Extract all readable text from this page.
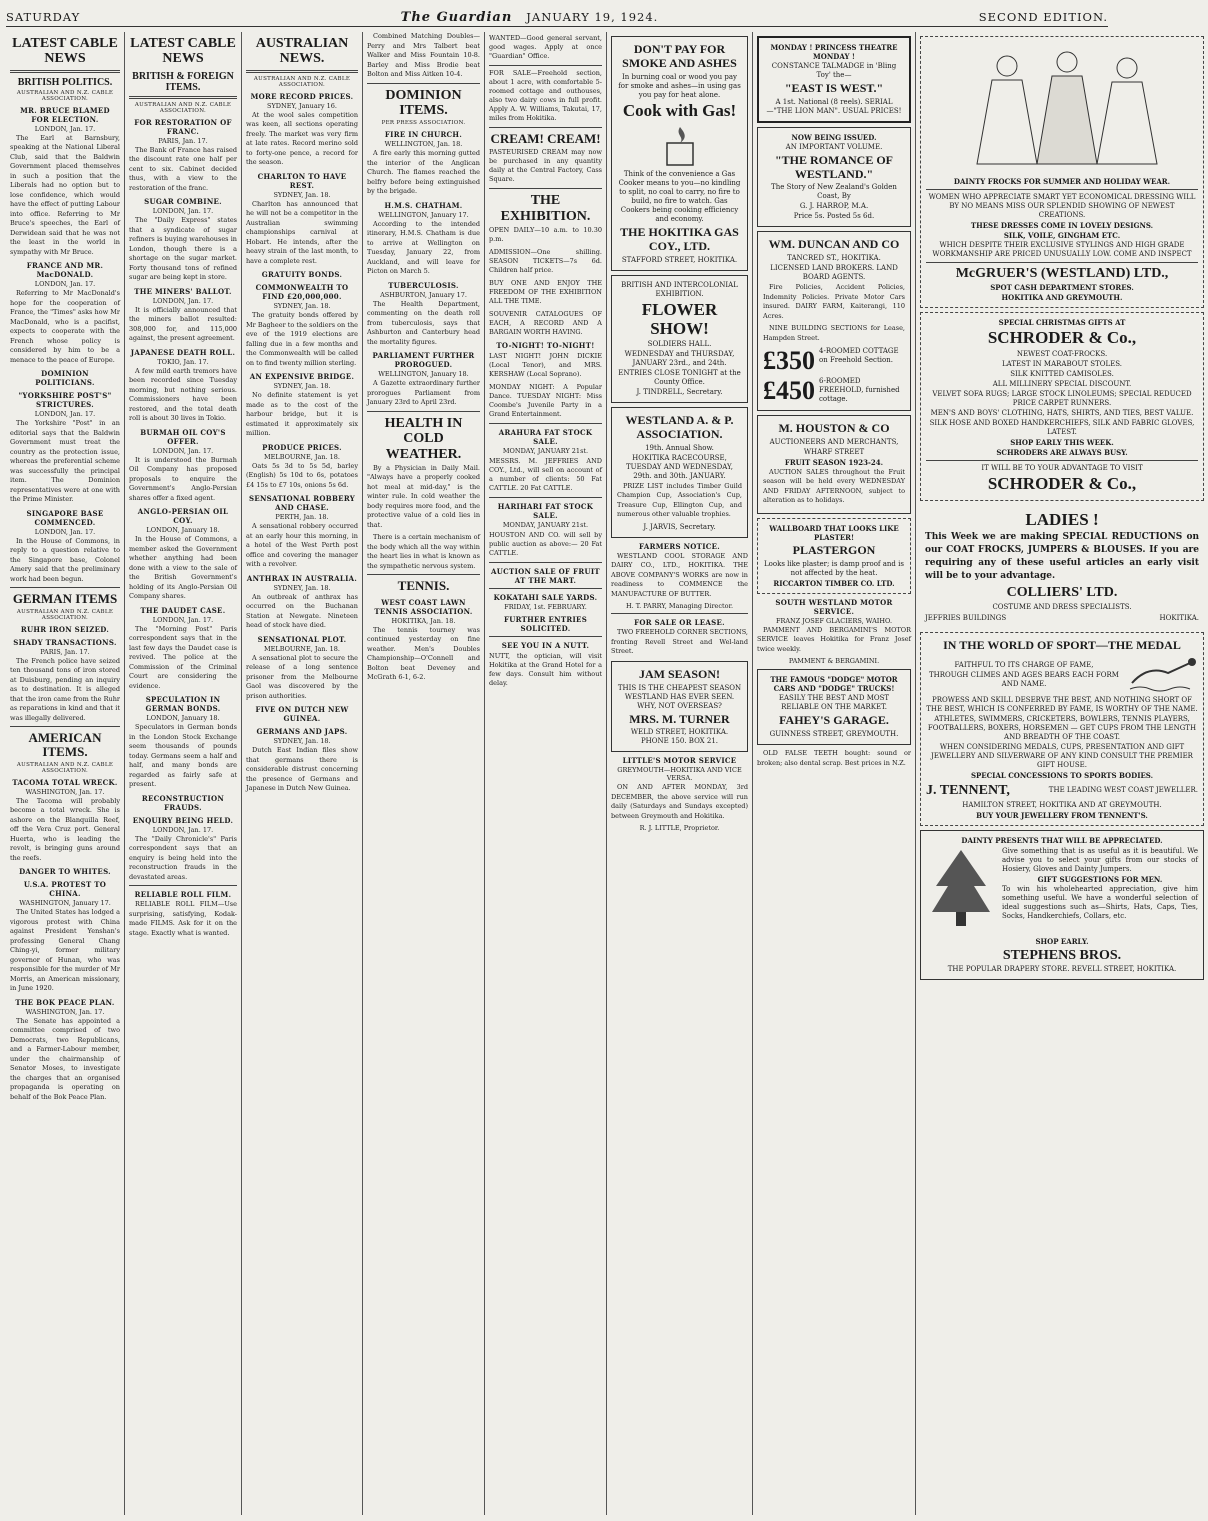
SATURDAY	The Guardian JANUARY 19, 1924.	SECOND EDITION.
LATEST CABLE NEWS
BRITISH POLITICS.
AUSTRALIAN AND N.Z. CABLE ASSOCIATION.
MR. BRUCE BLAMED FOR ELECTION.
LONDON, Jan. 17.

The Earl at Barnsbury, speaking at the National Liberal Club, said that the Baldwin Government placed themselves in such a position that the Liberals had no option but to lose confidence, which would have the effect of putting Labour into office. Referring to Mr Bruce's speeches, the Earl of Derwidean said that he was not the least in the world in sympathy with Mr Bruce.

FRANCE AND MR. MacDONALD.
LONDON, Jan. 17.

Referring to Mr MacDonald's hope for the cooperation of France, the "Times" asks how Mr MacDonald, who is a pacifist, expects to cooperate with the French whose policy is considered by him to be a menace to the peace of Europe.

DOMINION POLITICIANS.
"YORKSHIRE POST'S" STRICTURES.
LONDON, Jan. 17.

The Yorkshire "Post" in an editorial says that the Baldwin Government must treat the country as the protection issue, whereas the preferential scheme was successfully the principal item. The Dominion representatives were at one with the Prime Minister.

SINGAPORE BASE COMMENCED.
LONDON, Jan. 17.

In the House of Commons, in reply to a question relative to the Singapore base, Colonel Amery said that the preliminary work had been begun.

GERMAN ITEMS
AUSTRALIAN AND N.Z. CABLE ASSOCIATION.
RUHR IRON SEIZED.
SHADY TRANSACTIONS.
PARIS, Jan. 17.

The French police have seized ten thousand tons of iron stored at Duisburg, pending an inquiry as to destination. It is alleged that the iron came from the Ruhr as reparations in kind and that it was illegally delivered.

AMERICAN ITEMS.
AUSTRALIAN AND N.Z. CABLE ASSOCIATION.
TACOMA TOTAL WRECK.
WASHINGTON, Jan. 17.

The Tacoma will probably become a total wreck. She is ashore on the Blanquilla Reef, off the Vera Cruz port. General Huerta, who is leading the revolt, is bringing guns around the reefs.

DANGER TO WHITES.
U.S.A. PROTEST TO CHINA.
WASHINGTON, January 17.

The United States has lodged a vigorous protest with China against President Yenshan's professing General Chang Ching-yi, former military governor of Hunan, who was responsible for the murder of Mr Morris, an American missionary, in June 1920.

THE BOK PEACE PLAN.
WASHINGTON, Jan. 17.

The Senate has appointed a committee comprised of two Democrats, two Republicans, and a Farmer-Labour member, under the chairmanship of Senator Moses, to investigate the charges that an organised propaganda is operating on behalf of the Bok Peace Plan.

LATEST CABLE NEWS
BRITISH & FOREIGN ITEMS.
AUSTRALIAN AND N.Z. CABLE ASSOCIATION.
FOR RESTORATION OF FRANC.
PARIS, Jan. 17.

The Bank of France has raised the discount rate one half per cent to six. Cabinet decided thus, with a view to the restoration of the franc.

SUGAR COMBINE.
LONDON, Jan. 17.

The "Daily Express" states that a syndicate of sugar refiners is buying warehouses in London, though there is a shortage on the sugar market. Forty thousand tons of refined sugar are being kept in store.

THE MINERS' BALLOT.
LONDON, Jan. 17.

It is officially announced that the miners ballot resulted: 308,000 for, and 115,000 against, the present agreement.

JAPANESE DEATH ROLL.
TOKIO, Jan. 17.

A few mild earth tremors have been recorded since Tuesday morning, but nothing serious. Commissioners have been restored, and the total death roll is about 30 lives in Tokio.

BURMAH OIL COY'S OFFER.
LONDON, Jan. 17.

It is understood the Burmah Oil Company has proposed proposals to enquire the Government's Anglo-Persian shares offer a fixed agent.

ANGLO-PERSIAN OIL COY.
LONDON, January 18.

In the House of Commons, a member asked the Government whether anything had been done with a view to the sale of the British Government's holding of its Anglo-Persian Oil Company shares.

THE DAUDET CASE.
LONDON, Jan. 17.

The "Morning Post" Paris correspondent says that in the last few days the Daudet case is revived. The police at the Commission of the Criminal Court are considering the evidence.

SPECULATION IN GERMAN BONDS.
LONDON, January 18.

Speculators in German bonds in the London Stock Exchange seem thousands of pounds today. Germans seem a half and half, and many bonds are regarded as fairly safe at present.

RECONSTRUCTION FRAUDS.
ENQUIRY BEING HELD.
LONDON, Jan. 17.

The "Daily Chronicle's" Paris correspondent says that an enquiry is being held into the reconstruction frauds in the devastated areas.

RELIABLE ROLL FILM.

RELIABLE ROLL FILM—Use surprising, satisfying, Kodak-made FILMS. Ask for it on the stage. Exactly what is wanted.

AUSTRALIAN NEWS.
AUSTRALIAN AND N.Z. CABLE ASSOCIATION.
MORE RECORD PRICES.
SYDNEY, January 16.

At the wool sales competition was keen, all sections operating freely. The market was very firm at late rates. Record merino sold to forty-one pence, a record for the season.

CHARLTON TO HAVE REST.
SYDNEY, Jan. 18.

Charlton has announced that he will not be a competitor in the Australian swimming championships carnival at Hobart. He intends, after the heavy strain of the last month, to have a complete rest.

GRATUITY BONDS.
COMMONWEALTH TO FIND £20,000,000.
SYDNEY, Jan. 18.

The gratuity bonds offered by Mr Bagheer to the soldiers on the eve of the 1919 elections are falling due in a few months and the Commonwealth will be called on to find twenty million sterling.

AN EXPENSIVE BRIDGE.
SYDNEY, Jan. 18.

No definite statement is yet made as to the cost of the harbour bridge, but it is estimated it approximately six million.

PRODUCE PRICES.
MELBOURNE, Jan. 18.

Oats 5s 3d to 5s 5d, barley (English) 5s 10d to 6s, potatoes £4 15s to £7 10s, onions 5s 6d.

SENSATIONAL ROBBERY AND CHASE.
PERTH, Jan. 18.

A sensational robbery occurred at an early hour this morning, in a hotel of the West Perth post office and covering the manager with a revolver.

ANTHRAX IN AUSTRALIA.
SYDNEY, Jan. 18.

An outbreak of anthrax has occurred on the Buchanan Station at Newgate. Nineteen head of stock have died.

SENSATIONAL PLOT.
MELBOURNE, Jan. 18.

A sensational plot to secure the release of a long sentence prisoner from the Melbourne Gaol was discovered by the prison authorities.

FIVE ON DUTCH NEW GUINEA.
GERMANS AND JAPS.
SYDNEY, Jan. 18.

Dutch East Indian files show that germans there is considerable distrust concerning the presence of Germans and Japanese in Dutch New Guinea.

Combined Matching Doubles—Perry and Mrs Talbert beat Walker and Miss Fountain 10-8. Barley and Miss Brodie beat Bolton and Miss Aitken 10-4.

DOMINION ITEMS.
PER PRESS ASSOCIATION.
FIRE IN CHURCH.
WELLINGTON, Jan. 18.

A fire early this morning gutted the interior of the Anglican Church. The flames reached the belfry before being extinguished by the brigade.

H.M.S. CHATHAM.
WELLINGTON, January 17.

According to the intended itinerary, H.M.S. Chatham is due to arrive at Wellington on Tuesday, January 22, from Auckland, and will leave for Picton on March 5.

TUBERCULOSIS.
ASHBURTON, January 17.

The Health Department, commenting on the death roll from tuberculosis, says that Ashburton and Canterbury head the mortality figures.

PARLIAMENT FURTHER PROROGUED.
WELLINGTON, January 18.

A Gazette extraordinary further prorogues Parliament from January 23rd to April 23rd.

HEALTH IN COLD WEATHER.

By a Physician in Daily Mail. "Always have a properly cooked hot meal at mid-day," is the winter rule. In cold weather the body requires more food, and the protective value of a cold lies in that.

There is a certain mechanism of the body which all the way within the heart lies in what is known as the sympathetic nervous system.

TENNIS.
WEST COAST LAWN TENNIS ASSOCIATION.
HOKITIKA, Jan. 18.

The tennis tourney was continued yesterday on fine weather. Men's Doubles Championship—O'Connell and Bolton beat Deveney and McGrath 6-1, 6-2.

WANTED—Good general servant, good wages. Apply at once "Guardian" Office.

FOR SALE—Freehold section, about 1 acre, with comfortable 5-roomed cottage and outhouses, also two dairy cows in full profit. Apply A. W. Williams, Takutai, 17, miles from Hokitika.

CREAM! CREAM!

PASTEURISED CREAM may now be purchased in any quantity daily at the Central Factory, Cass Square.

THE EXHIBITION.

OPEN DAILY—10 a.m. to 10.30 p.m.

ADMISSION—One shilling. SEASON TICKETS—7s 6d. Children half price.

BUY ONE AND ENJOY THE FREEDOM OF THE EXHIBITION ALL THE TIME.

SOUVENIR CATALOGUES OF EACH, A RECORD AND A BARGAIN WORTH HAVING.

TO-NIGHT! TO-NIGHT!

LAST NIGHT! JOHN DICKIE (Local Tenor), and MRS. KERSHAW (Local Soprano).

MONDAY NIGHT: A Popular Dance. TUESDAY NIGHT: Miss Coombe's Juvenile Party in a Grand Entertainment.

ARAHURA FAT STOCK SALE.
MONDAY, JANUARY 21st.

MESSRS. M. JEFFRIES AND COY., Ltd., will sell on account of a number of clients: 50 Fat CATTLE. 20 Fat CATTLE.

HARIHARI FAT STOCK SALE.
MONDAY, JANUARY 21st.

HOUSTON AND CO. will sell by public auction as above:— 20 Fat CATTLE.

AUCTION SALE OF FRUIT AT THE MART.
KOKATAHI SALE YARDS.
FRIDAY, 1st. FEBRUARY.
FURTHER ENTRIES SOLICITED.
SEE YOU IN A NUTT.

NUTT, the optician, will visit Hokitika at the Grand Hotel for a few days. Consult him without delay.

DON'T PAY FOR SMOKE AND ASHES
In burning coal or wood you pay for smoke and ashes—in using gas you pay for heat alone.
Cook with Gas!
Think of the convenience a Gas Cooker means to you—no kindling to split, no coal to carry, no fire to build, no fire to watch. Gas Cookers being cooking efficiency and economy.
THE HOKITIKA GAS COY., LTD.
STAFFORD STREET, HOKITIKA.
BRITISH AND INTERCOLONIAL EXHIBITION.
FLOWER SHOW!
SOLDIERS HALL.
WEDNESDAY and THURSDAY, JANUARY 23rd., and 24th.
ENTRIES CLOSE TONIGHT at the County Office.
J. TINDRELL, Secretary.
WESTLAND A. & P. ASSOCIATION.
19th. Annual Show.
HOKITIKA RACECOURSE, TUESDAY AND WEDNESDAY, 29th. and 30th. JANUARY.

PRIZE LIST includes Timber Guild Champion Cup, Association's Cup, Treasure Cup, Ellington Cup, and numerous other valuable trophies.

J. JARVIS, Secretary.
FARMERS NOTICE.

WESTLAND COOL STORAGE AND DAIRY CO., LTD., HOKITIKA. THE ABOVE COMPANY'S WORKS are now in readiness to COMMENCE the MANUFACTURE OF BUTTER.

H. T. PARRY, Managing Director.
FOR SALE OR LEASE.

TWO FREEHOLD CORNER SECTIONS, fronting Revell Street and Wel-land Street.

JAM SEASON!
THIS IS THE CHEAPEST SEASON WESTLAND HAS EVER SEEN. WHY, NOT OVERSEAS?
MRS. M. TURNER
WELD STREET, HOKITIKA. PHONE 150. BOX 21.
LITTLE'S MOTOR SERVICE
GREYMOUTH—HOKITIKA AND VICE VERSA.

ON AND AFTER MONDAY, 3rd DECEMBER, the above service will run daily (Saturdays and Sundays excepted) between Greymouth and Hokitika.

R. J. LITTLE, Proprietor.
MONDAY ! PRINCESS THEATRE MONDAY !
CONSTANCE TALMADGE in 'Bling Toy' the—
"EAST IS WEST."
A 1st. National (8 reels). SERIAL—"THE LION MAN". USUAL PRICES!
NOW BEING ISSUED.
AN IMPORTANT VOLUME.
"THE ROMANCE OF WESTLAND."
The Story of New Zealand's Golden Coast, By
G. J. HARROP, M.A.
Price 5s. Posted 5s 6d.
WM. DUNCAN AND CO
TANCRED ST., HOKITIKA.
LICENSED LAND BROKERS. LAND BOARD AGENTS.

Fire Policies, Accident Policies, Indemnity Policies. Private Motor Cars insured. DAIRY FARM, Kaiterangi, 110 Acres.

NINE BUILDING SECTIONS for Lease, Hampden Street.

£350 4-ROOMED COTTAGE on Freehold Section.
£450 6-ROOMED FREEHOLD, furnished cottage.
M. HOUSTON & CO
AUCTIONEERS AND MERCHANTS,
WHARF STREET
FRUIT SEASON 1923-24.

AUCTION SALES throughout the Fruit season will be held every WEDNESDAY AND FRIDAY AFTERNOON, subject to alteration as to holidays.

WALLBOARD THAT LOOKS LIKE PLASTER!
PLASTERGON
Looks like plaster; is damp proof and is not affected by the heat.
RICCARTON TIMBER CO. LTD.
SOUTH WESTLAND MOTOR SERVICE.
FRANZ JOSEF GLACIERS, WAIHO.

PAMMENT AND BERGAMINI'S MOTOR SERVICE leaves Hokitika for Franz Josef twice weekly.

PAMMENT & BERGAMINI.
THE FAMOUS "DODGE" MOTOR CARS AND "DODGE" TRUCKS!
EASILY THE BEST AND MOST RELIABLE ON THE MARKET.
FAHEY'S GARAGE.
GUINNESS STREET, GREYMOUTH.

OLD FALSE TEETH bought: sound or broken; also dental scrap. Best prices in N.Z.

DAINTY FROCKS FOR SUMMER AND HOLIDAY WEAR.
WOMEN WHO APPRECIATE SMART YET ECONOMICAL DRESSING WILL BY NO MEANS MISS OUR SPLENDID SHOWING OF NEWEST CREATIONS.
THESE DRESSES COME IN LOVELY DESIGNS.
SILK, VOILE, GINGHAM ETC.
WHICH DESPITE THEIR EXCLUSIVE STYLINGS AND HIGH GRADE WORKMANSHIP ARE PRICED UNUSUALLY LOW. COME AND INSPECT
McGRUER'S (WESTLAND) LTD.,
SPOT CASH DEPARTMENT STORES.
HOKITIKA AND GREYMOUTH.
SPECIAL CHRISTMAS GIFTS AT
SCHRODER & Co.,
NEWEST COAT-FROCKS.
LATEST IN MARABOUT STOLES.
SILK KNITTED CAMISOLES.
ALL MILLINERY SPECIAL DISCOUNT.
VELVET SOFA RUGS; LARGE STOCK LINOLEUMS; SPECIAL REDUCED PRICE CARPET RUNNERS.
MEN'S AND BOYS' CLOTHING, HATS, SHIRTS, AND TIES, BEST VALUE.
SILK HOSE AND BOXED HANDKERCHIEFS, SILK AND FABRIC GLOVES, LATEST.
SHOP EARLY THIS WEEK.
SCHRODERS ARE ALWAYS BUSY.
IT WILL BE TO YOUR ADVANTAGE TO VISIT
SCHRODER & Co.,
LADIES !
This Week we are making SPECIAL REDUCTIONS on our COAT FROCKS, JUMPERS & BLOUSES. If you are requiring any of these useful articles an early visit will be to your advantage.
COLLIERS' LTD.
COSTUME AND DRESS SPECIALISTS.
JEFFRIES BUILDINGS	HOKITIKA.
IN THE WORLD OF SPORT—THE MEDAL
FAITHFUL TO ITS CHARGE OF FAME,
THROUGH CLIMES AND AGES BEARS EACH FORM AND NAME.
PROWESS AND SKILL DESERVE THE BEST, AND NOTHING SHORT OF THE BEST, WHICH IS CONFERRED BY FAME, IS WORTHY OF THE NAME.
ATHLETES, SWIMMERS, CRICKETERS, BOWLERS, TENNIS PLAYERS, FOOTBALLERS, BOXERS, HORSEMEN — GET CUPS FROM THE LENGTH AND BREADTH OF THE COAST.
WHEN CONSIDERING MEDALS, CUPS, PRESENTATION AND GIFT JEWELLERY AND SILVERWARE OF ANY KIND CONSULT THE PREMIER GIFT HOUSE.
SPECIAL CONCESSIONS TO SPORTS BODIES.
J. TENNENT,	THE LEADING WEST COAST JEWELLER.
HAMILTON STREET, HOKITIKA AND AT GREYMOUTH.
BUY YOUR JEWELLERY FROM TENNENT'S.
DAINTY PRESENTS THAT WILL BE APPRECIATED.
Give something that is as useful as it is beautiful. We advise you to select your gifts from our stocks of Hosiery, Gloves and Dainty Jumpers.
GIFT SUGGESTIONS FOR MEN.
To win his wholehearted appreciation, give him something useful. We have a wonderful selection of ideal suggestions such as—Shirts, Hats, Caps, Ties, Socks, Handkerchiefs, Collars, etc.
SHOP EARLY.
STEPHENS BROS.
THE POPULAR DRAPERY STORE. REVELL STREET, HOKITIKA.
